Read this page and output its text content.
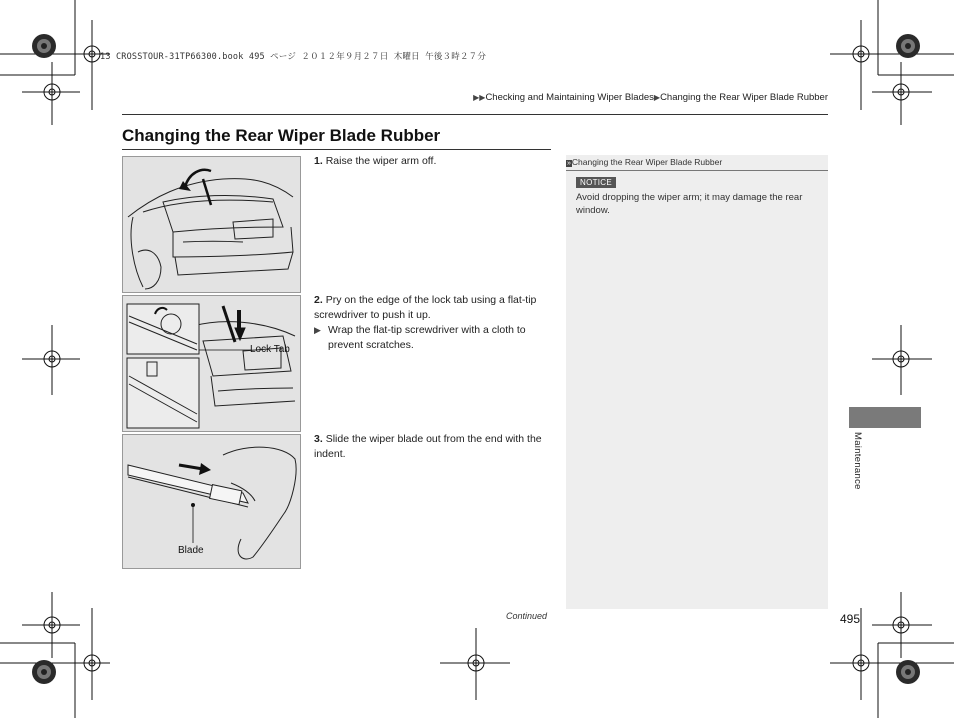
13 CROSSTOUR-31TP66300.book 495 ページ ２０１２年９月２７日 木曜日 午後３時２７分
▶▶Checking and Maintaining Wiper Blades▶Changing the Rear Wiper Blade Rubber
Changing the Rear Wiper Blade Rubber
Lock Tab
Blade
1. Raise the wiper arm off.
2. Pry on the edge of the lock tab using a flat-tip screwdriver to push it up.
▶ Wrap the flat-tip screwdriver with a cloth to prevent scratches.
3. Slide the wiper blade out from the end with the indent.
»Changing the Rear Wiper Blade Rubber
NOTICE
Avoid dropping the wiper arm; it may damage the rear window.
Continued	495
Maintenance
